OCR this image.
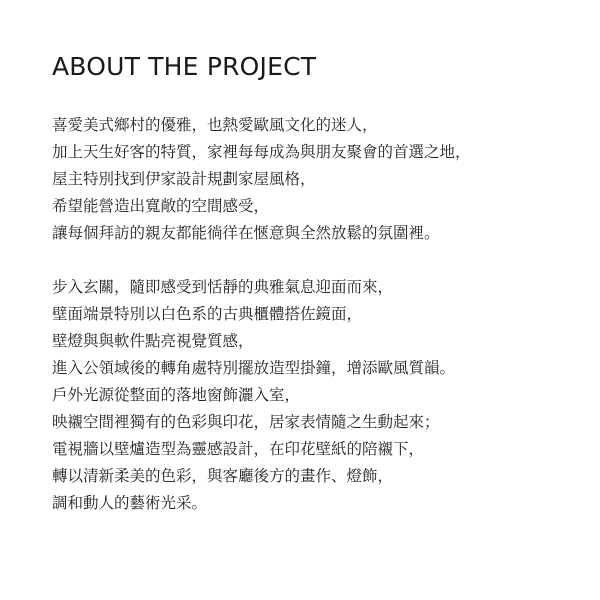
ABOUT THE PROJECT
喜愛美式鄉村的優雅，也熱愛歐風文化的迷人，
加上天生好客的特質，家裡每每成為與朋友聚會的首選之地，
屋主特別找到伊家設計規劃家屋風格，
希望能營造出寬敞的空間感受，
讓每個拜訪的親友都能徜徉在愜意與全然放鬆的氛圍裡。
步入玄關，隨即感受到恬靜的典雅氣息迎面而來，
壁面端景特別以白色系的古典櫃體搭佐鏡面，
壁燈與與軟件點亮視覺質感，
進入公領域後的轉角處特別擺放造型掛鐘，增添歐風質韻。
戶外光源從整面的落地窗飾灑入室，
映襯空間裡獨有的色彩與印花，居家表情隨之生動起來；
電視牆以壁爐造型為靈感設計，在印花壁紙的陪襯下，
轉以清新柔美的色彩，與客廳後方的畫作、燈飾，
調和動人的藝術光采。
